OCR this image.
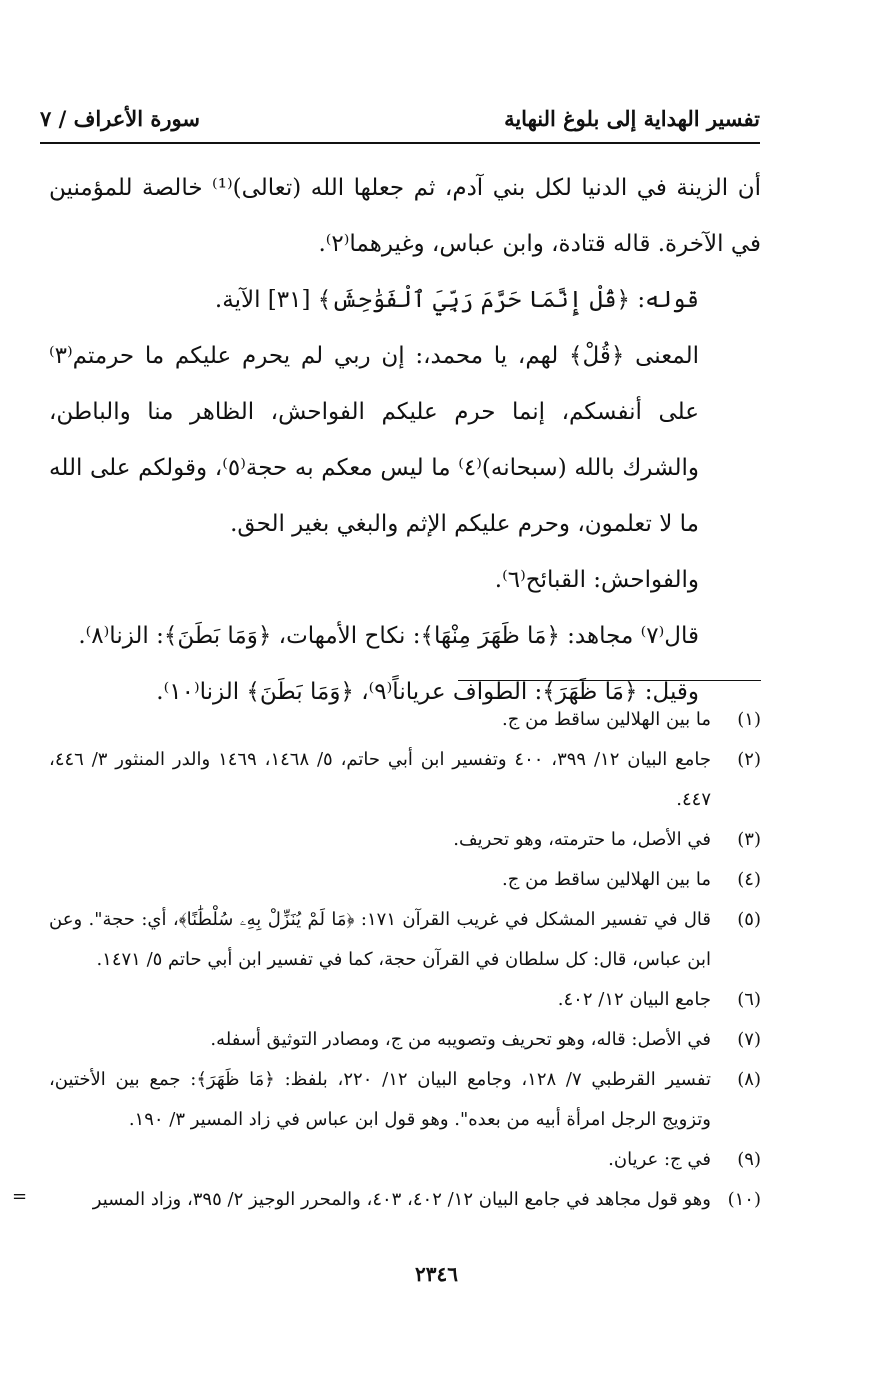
تفسير الهداية إلى بلوغ النهاية
سورة الأعراف / ٧

أن الزينة في الدنيا لكل بني آدم، ثم جعلها الله (تعالى)⁽¹⁾ خالصة للمؤمنين في الآخرة. قاله قتادة، وابن عباس، وغيرهما⁽٢⁾.

قوله: ﴿قُلْ إِنَّمَا حَرَّمَ رَبِّيَ ٱلْفَوَٰحِشَ﴾ [٣١] الآية.

المعنى ﴿قُلْ﴾ لهم، يا محمد،: إن ربي لم يحرم عليكم ما حرمتم⁽٣⁾ على أنفسكم، إنما حرم عليكم الفواحش، الظاهر منا والباطن، والشرك بالله (سبحانه)⁽٤⁾ ما ليس معكم به حجة⁽٥⁾، وقولكم على الله ما لا تعلمون، وحرم عليكم الإثم والبغي بغير الحق.

والفواحش: القبائح⁽٦⁾.

قال⁽٧⁾ مجاهد: ﴿مَا ظَهَرَ مِنْهَا﴾: نكاح الأمهات، ﴿وَمَا بَطَنَ﴾: الزنا⁽٨⁾.

وقيل: ﴿مَا ظَهَرَ﴾: الطواف عرياناً⁽٩⁾، ﴿وَمَا بَطَنَ﴾ الزنا⁽١٠⁾.

(١)
ما بين الهلالين ساقط من ج.
(٢)
جامع البيان ١٢/ ٣٩٩، ٤٠٠ وتفسير ابن أبي حاتم، ٥/ ١٤٦٨، ١٤٦٩ والدر المنثور ٣/ ٤٤٦، ٤٤٧.
(٣)
في الأصل، ما حترمته، وهو تحريف.
(٤)
ما بين الهلالين ساقط من ج.
(٥)
قال في تفسير المشكل في غريب القرآن ١٧١: ﴿مَا لَمْ يُنَزِّلْ بِهِۦ سُلْطَٰنًا﴾، أي: حجة". وعن ابن عباس، قال: كل سلطان في القرآن حجة، كما في تفسير ابن أبي حاتم ٥/ ١٤٧١.
(٦)
جامع البيان ١٢/ ٤٠٢.
(٧)
في الأصل: قاله، وهو تحريف وتصويبه من ج، ومصادر التوثيق أسفله.
(٨)
تفسير القرطبي ٧/ ١٢٨، وجامع البيان ١٢/ ٢٢٠، بلفظ: ﴿مَا ظَهَرَ﴾: جمع بين الأختين، وتزويج الرجل امرأة أبيه من بعده". وهو قول ابن عباس في زاد المسير ٣/ ١٩٠.
(٩)
في ج: عريان.
(١٠)
وهو قول مجاهد في جامع البيان ١٢/ ٤٠٢، ٤٠٣، والمحرر الوجيز ٢/ ٣٩٥، وزاد المسير
=
٢٣٤٦
